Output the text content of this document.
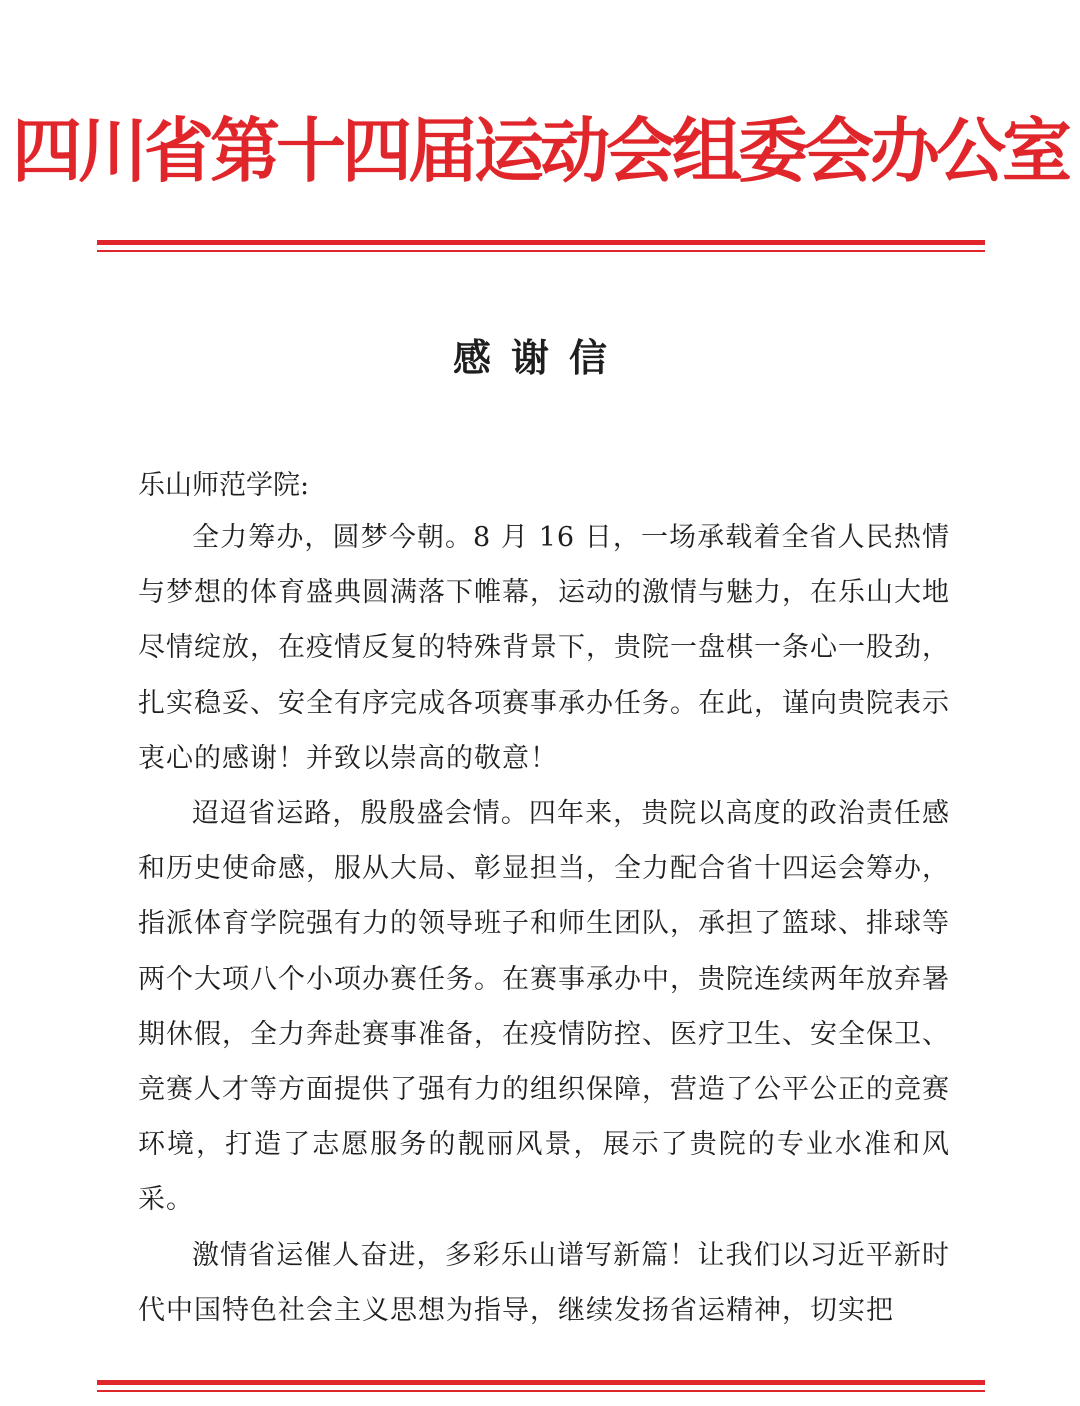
四川省第十四届运动会组委会办公室
感谢信
乐山师范学院:

全力筹办，圆梦今朝。8 月 16 日，一场承载着全省人民热情与梦想的体育盛典圆满落下帷幕，运动的激情与魅力，在乐山大地尽情绽放，在疫情反复的特殊背景下，贵院一盘棋一条心一股劲，扎实稳妥、安全有序完成各项赛事承办任务。在此，谨向贵院表示衷心的感谢！并致以崇高的敬意！

迢迢省运路，殷殷盛会情。四年来，贵院以高度的政治责任感和历史使命感，服从大局、彰显担当，全力配合省十四运会筹办，指派体育学院强有力的领导班子和师生团队，承担了篮球、排球等两个大项八个小项办赛任务。在赛事承办中，贵院连续两年放弃暑期休假，全力奔赴赛事准备，在疫情防控、医疗卫生、安全保卫、竞赛人才等方面提供了强有力的组织保障，营造了公平公正的竞赛环境，打造了志愿服务的靓丽风景，展示了贵院的专业水准和风采。

激情省运催人奋进，多彩乐山谱写新篇！让我们以习近平新时代中国特色社会主义思想为指导，继续发扬省运精神，切实把
